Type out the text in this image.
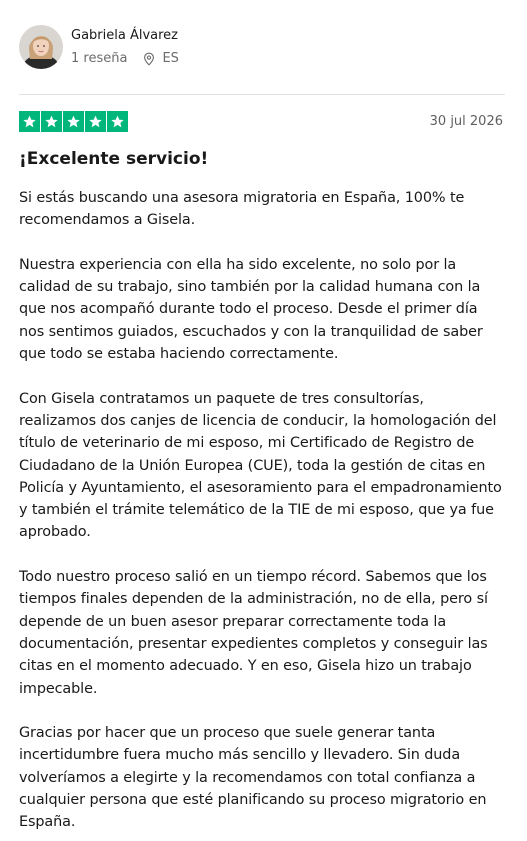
Gabriela Álvarez
1 reseña	ES
30 jul 2026
¡Excelente servicio!

Si estás buscando una asesora migratoria en España, 100% te recomendamos a Gisela.

Nuestra experiencia con ella ha sido excelente, no solo por la calidad de su trabajo, sino también por la calidad humana con la que nos acompañó durante todo el proceso. Desde el primer día nos sentimos guiados, escuchados y con la tranquilidad de saber que todo se estaba haciendo correctamente.

Con Gisela contratamos un paquete de tres consultorías, realizamos dos canjes de licencia de conducir, la homologación del título de veterinario de mi esposo, mi Certificado de Registro de Ciudadano de la Unión Europea (CUE), toda la gestión de citas en Policía y Ayuntamiento, el asesoramiento para el empadronamiento y también el trámite telemático de la TIE de mi esposo, que ya fue aprobado.

Todo nuestro proceso salió en un tiempo récord. Sabemos que los tiempos finales dependen de la administración, no de ella, pero sí depende de un buen asesor preparar correctamente toda la documentación, presentar expedientes completos y conseguir las citas en el momento adecuado. Y en eso, Gisela hizo un trabajo impecable.

Gracias por hacer que un proceso que suele generar tanta incertidumbre fuera mucho más sencillo y llevadero. Sin duda volveríamos a elegirte y la recomendamos con total confianza a cualquier persona que esté planificando su proceso migratorio en España.
